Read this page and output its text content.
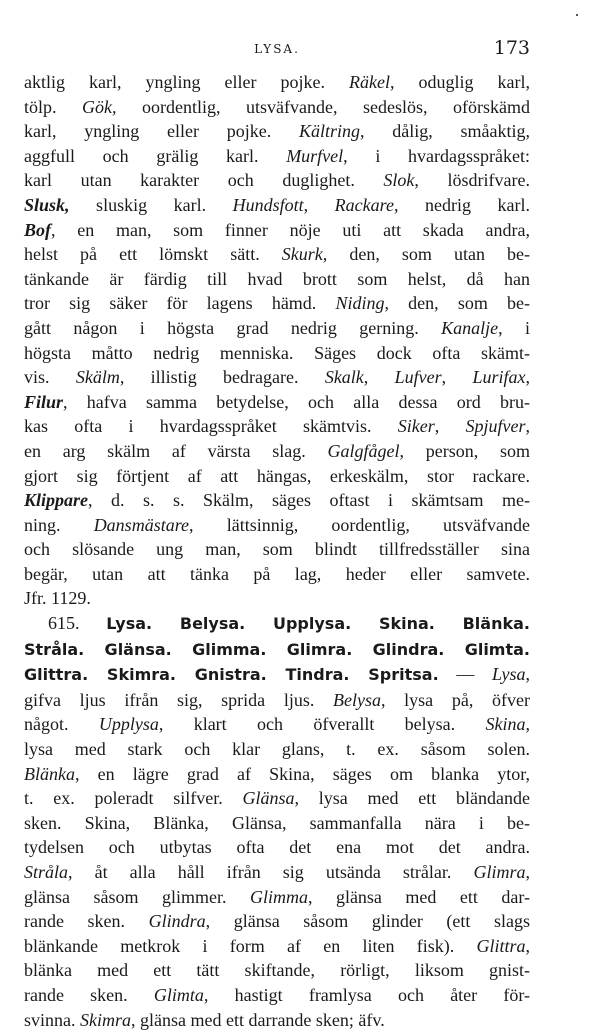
LYSA.	173
aktlig karl, yngling eller pojke. Räkel, oduglig karl,
tölp. Gök, oordentlig, utsväfvande, sedeslös, oförskämd
karl, yngling eller pojke. Kältring, dålig, småaktig,
aggfull och grälig karl. Murfvel, i hvardagsspråket:
karl utan karakter och duglighet. Slok, lösdrifvare.
Slusk, sluskig karl. Hundsfott, Rackare, nedrig karl.
Bof, en man, som finner nöje uti att skada andra,
helst på ett lömskt sätt. Skurk, den, som utan be-
tänkande är färdig till hvad brott som helst, då han
tror sig säker för lagens hämd. Niding, den, som be-
gått någon i högsta grad nedrig gerning. Kanalje, i
högsta måtto nedrig menniska. Säges dock ofta skämt-
vis. Skälm, illistig bedragare. Skalk, Lufver, Lurifax,
Filur, hafva samma betydelse, och alla dessa ord bru-
kas ofta i hvardagsspråket skämtvis. Siker, Spjufver,
en arg skälm af värsta slag. Galgfågel, person, som
gjort sig förtjent af att hängas, erkeskälm, stor rackare.
Klippare, d. s. s. Skälm, säges oftast i skämtsam me-
ning. Dansmästare, lättsinnig, oordentlig, utsväfvande
och slösande ung man, som blindt tillfredsställer sina
begär, utan att tänka på lag, heder eller samvete.
Jfr. 1129.
615. Lysa. Belysa. Upplysa. Skina. Blänka.
Stråla. Glänsa. Glimma. Glimra. Glindra. Glimta.
Glittra. Skimra. Gnistra. Tindra. Spritsa. — Lysa,
gifva ljus ifrån sig, sprida ljus. Belysa, lysa på, öfver
något. Upplysa, klart och öfverallt belysa. Skina,
lysa med stark och klar glans, t. ex. såsom solen.
Blänka, en lägre grad af Skina, säges om blanka ytor,
t. ex. poleradt silfver. Glänsa, lysa med ett bländande
sken. Skina, Blänka, Glänsa, sammanfalla nära i be-
tydelsen och utbytas ofta det ena mot det andra.
Stråla, åt alla håll ifrån sig utsända strålar. Glimra,
glänsa såsom glimmer. Glimma, glänsa med ett dar-
rande sken. Glindra, glänsa såsom glinder (ett slags
blänkande metkrok i form af en liten fisk). Glittra,
blänka med ett tätt skiftande, rörligt, liksom gnist-
rande sken. Glimta, hastigt framlysa och åter för-
svinna. Skimra, glänsa med ett darrande sken; äfv.
